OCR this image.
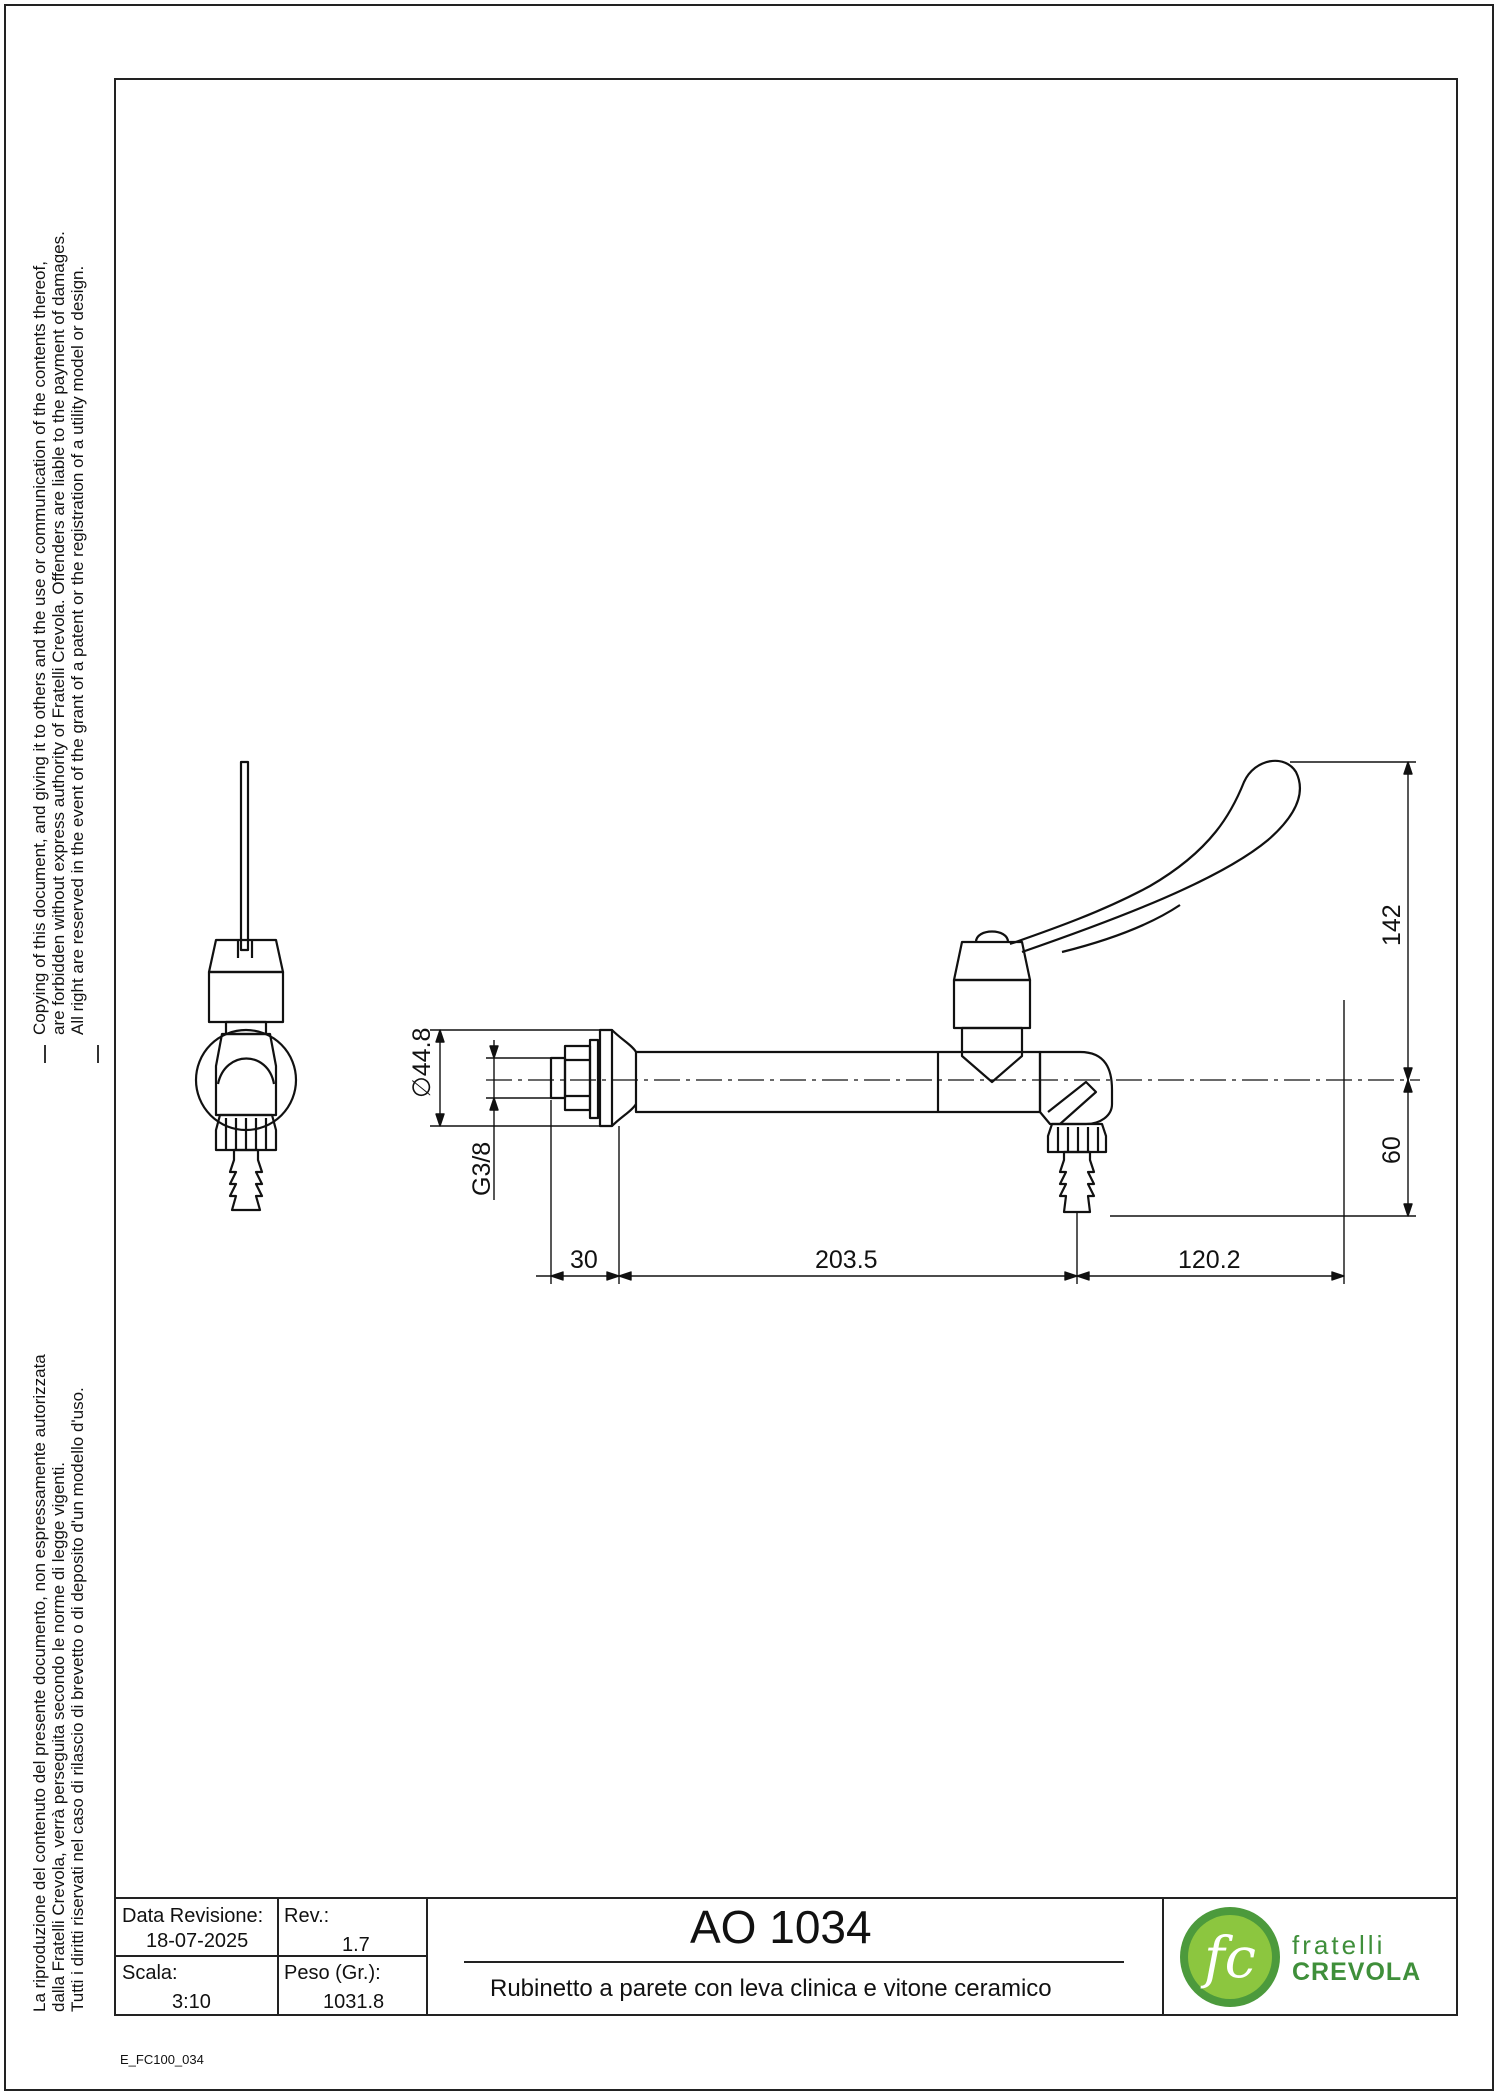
Copying of this document, and giving it to others and the use or communication of the contents thereof, are forbidden without express authority of Fratelli Crevola. Offenders are liable to the payment of damages. All right are reserved in the event of the grant of a patent or the registration of a utility model or design.
La riproduzione del contenuto del presente documento, non espressamente autorizzata dalla Fratelli Crevola, verrà perseguita secondo le norme di legge vigenti. Tutti i diritti riservati nel caso di rilascio di brevetto o di deposito d'un modello d'uso.
∅44.8
G3/8
30	203.5	120.2
142
60
Data Revisione:
18-07-2025
Rev.:
1.7
Scala:
3:10
Peso (Gr.):
1031.8
AO 1034
Rubinetto a parete con leva clinica e vitone ceramico	fc fratelli
CREVOLA
E_FC100_034
